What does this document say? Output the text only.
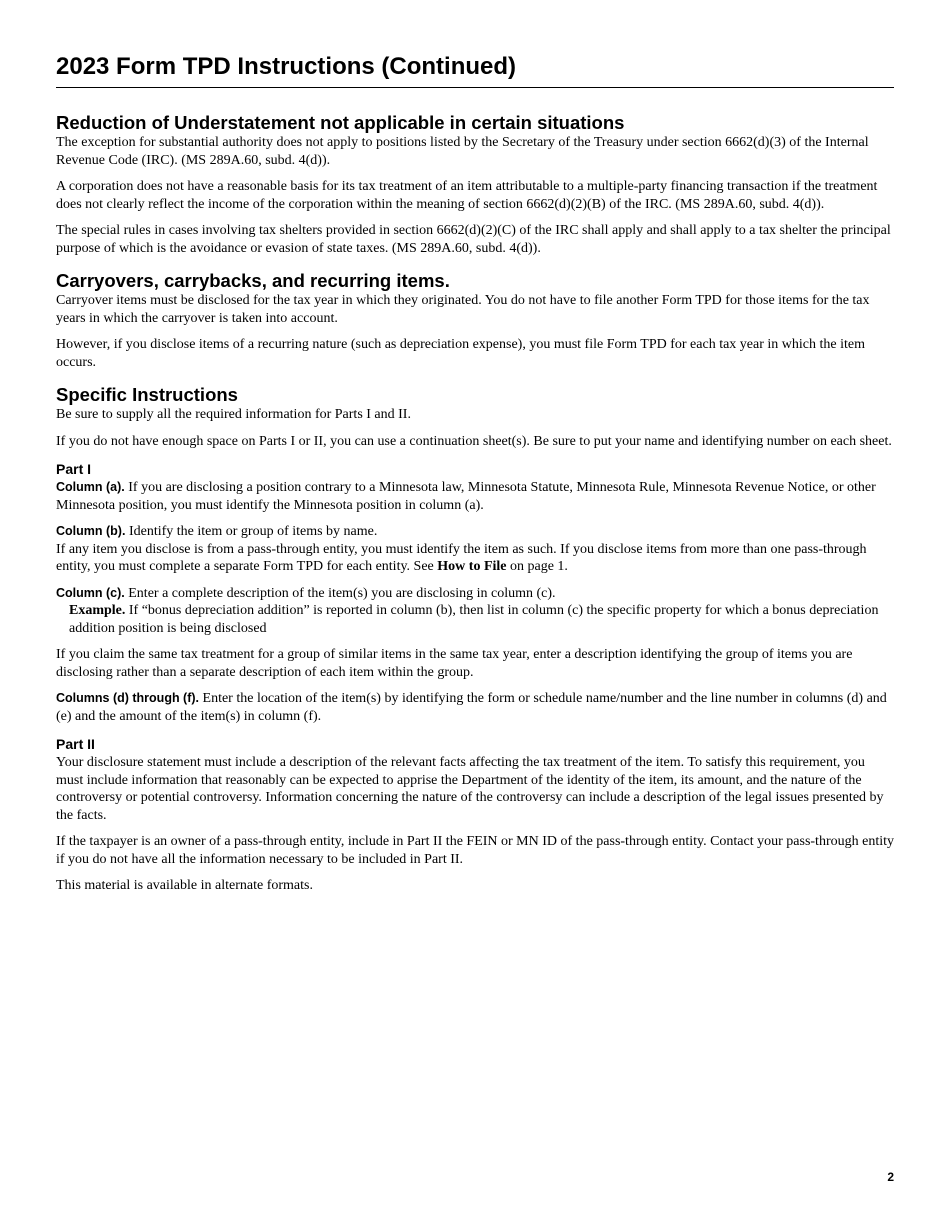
2023 Form TPD Instructions (Continued)
Reduction of Understatement not applicable in certain situations

The exception for substantial authority does not apply to positions listed by the Secretary of the Treasury under section 6662(d)(3) of the Internal Revenue Code (IRC). (MS 289A.60, subd. 4(d)).

A corporation does not have a reasonable basis for its tax treatment of an item attributable to a multiple-party financing transaction if the treatment does not clearly reflect the income of the corporation within the meaning of section 6662(d)(2)(B) of the IRC. (MS 289A.60, subd. 4(d)).

The special rules in cases involving tax shelters provided in section 6662(d)(2)(C) of the IRC shall apply and shall apply to a tax shelter the principal purpose of which is the avoidance or evasion of state taxes. (MS 289A.60, subd. 4(d)).

Carryovers, carrybacks, and recurring items.

Carryover items must be disclosed for the tax year in which they originated. You do not have to file another Form TPD for those items for the tax years in which the carryover is taken into account.

However, if you disclose items of a recurring nature (such as depreciation expense), you must file Form TPD for each tax year in which the item occurs.

Specific Instructions

Be sure to supply all the required information for Parts I and II.

If you do not have enough space on Parts I or II, you can use a continuation sheet(s). Be sure to put your name and identifying number on each sheet.

Part I

Column (a). If you are disclosing a position contrary to a Minnesota law, Minnesota Statute, Minnesota Rule, Minnesota Revenue Notice, or other Minnesota position, you must identify the Minnesota position in column (a).

Column (b). Identify the item or group of items by name.

If any item you disclose is from a pass-through entity, you must identify the item as such. If you disclose items from more than one pass-through entity, you must complete a separate Form TPD for each entity. See How to File on page 1.

Column (c). Enter a complete description of the item(s) you are disclosing in column (c).

Example. If “bonus depreciation addition” is reported in column (b), then list in column (c) the specific property for which a bonus depreciation addition position is being disclosed

If you claim the same tax treatment for a group of similar items in the same tax year, enter a description identifying the group of items you are disclosing rather than a separate description of each item within the group.

Columns (d) through (f). Enter the location of the item(s) by identifying the form or schedule name/number and the line number in columns (d) and (e) and the amount of the item(s) in column (f).

Part II

Your disclosure statement must include a description of the relevant facts affecting the tax treatment of the item. To satisfy this requirement, you must include information that reasonably can be expected to apprise the Department of the identity of the item, its amount, and the nature of the controversy or potential controversy. Information concerning the nature of the controversy can include a description of the legal issues presented by the facts.

If the taxpayer is an owner of a pass-through entity, include in Part II the FEIN or MN ID of the pass-through entity. Contact your pass-through entity if you do not have all the information necessary to be included in Part II.

This material is available in alternate formats.

2
